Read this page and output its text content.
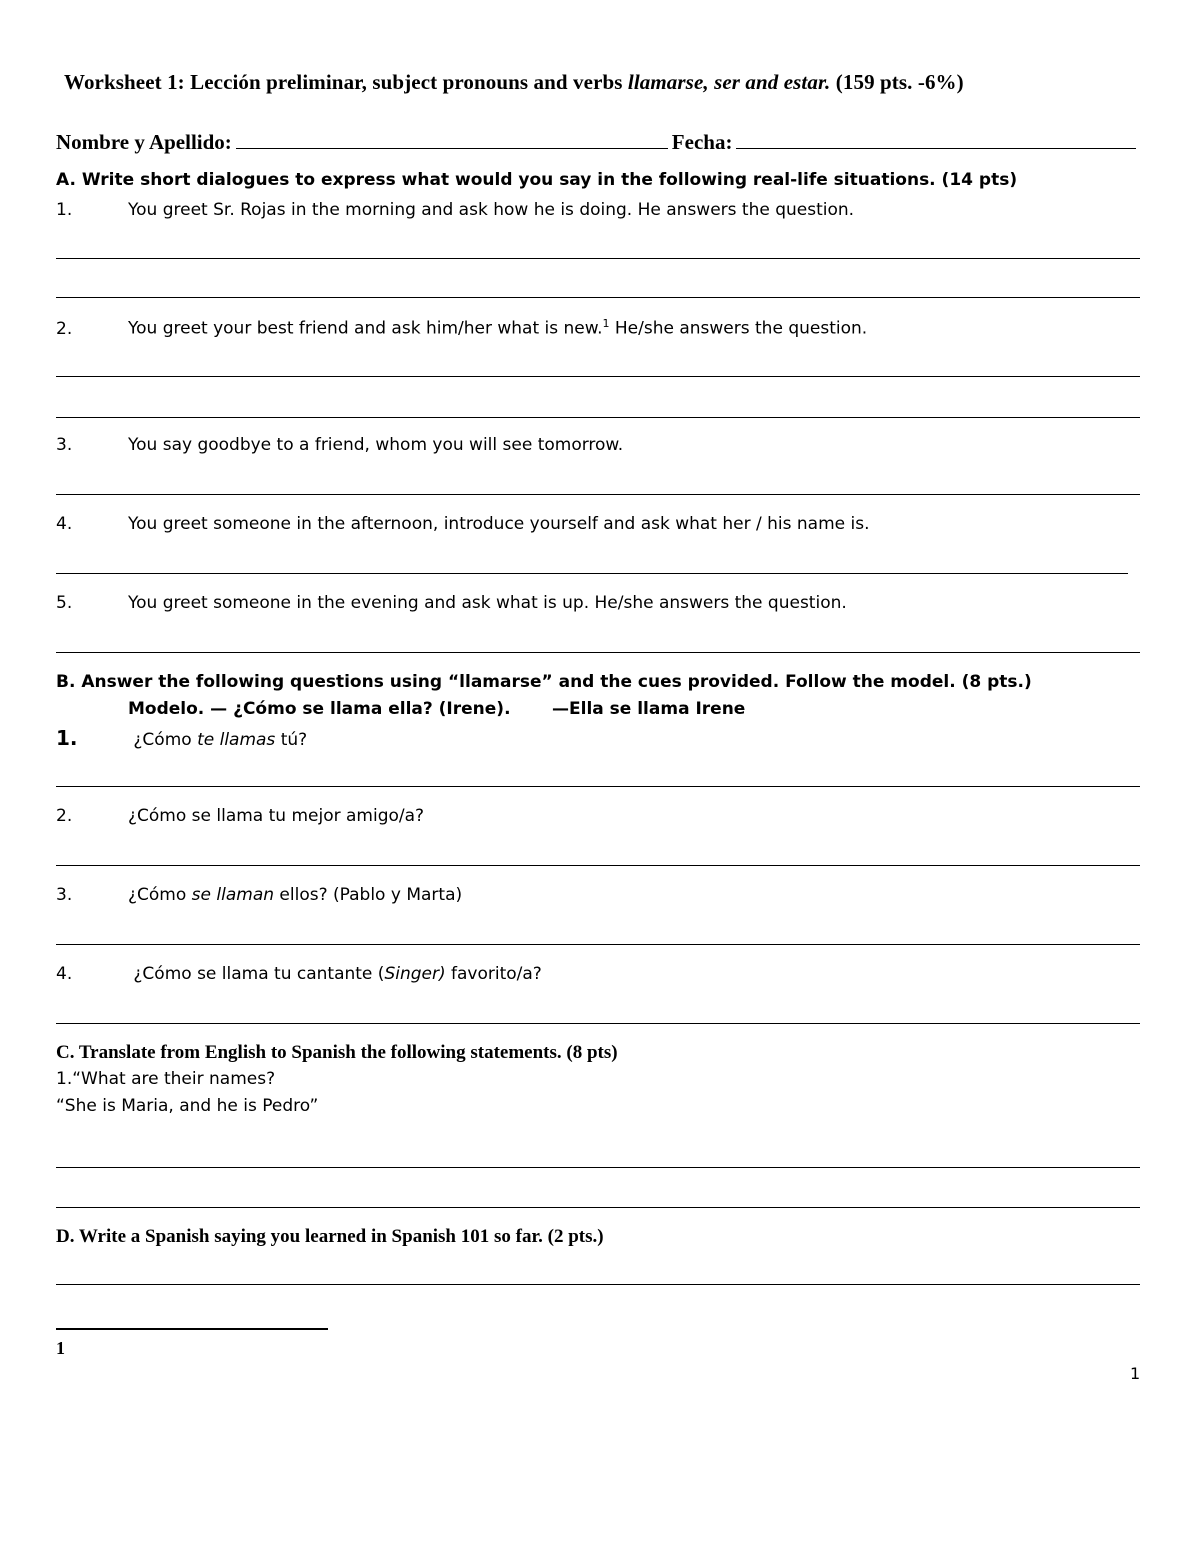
Worksheet 1: Lección preliminar, subject pronouns and verbs llamarse, ser and estar. (159 pts. -6%)
Nombre y Apellido:	Fecha:
A. Write short dialogues to express what would you say in the following real-life situations. (14 pts)
1.	You greet Sr. Rojas in the morning and ask how he is doing. He answers the question.
2.	You greet your best friend and ask him/her what is new.$^1$ He/she answers the question.
3.	You say goodbye to a friend, whom you will see tomorrow.
4.	You greet someone in the afternoon, introduce yourself and ask what her / his name is.
5.	You greet someone in the evening and ask what is up. He/she answers the question.
B. Answer the following questions using “llamarse” and the cues provided. Follow the model. (8 pts.)
Modelo. — ¿Cómo se llama ella? (Irene). —Ella se llama Irene
1.	¿Cómo te llamas tú?
2.	¿Cómo se llama tu mejor amigo/a?
3.	¿Cómo se llaman ellos? (Pablo y Marta)
4.	¿Cómo se llama tu cantante (Singer) favorito/a?
C. Translate from English to Spanish the following statements. (8 pts)
1.“What are their names?
“She is Maria, and he is Pedro”
D. Write a Spanish saying you learned in Spanish 101 so far. (2 pts.)
1
1
